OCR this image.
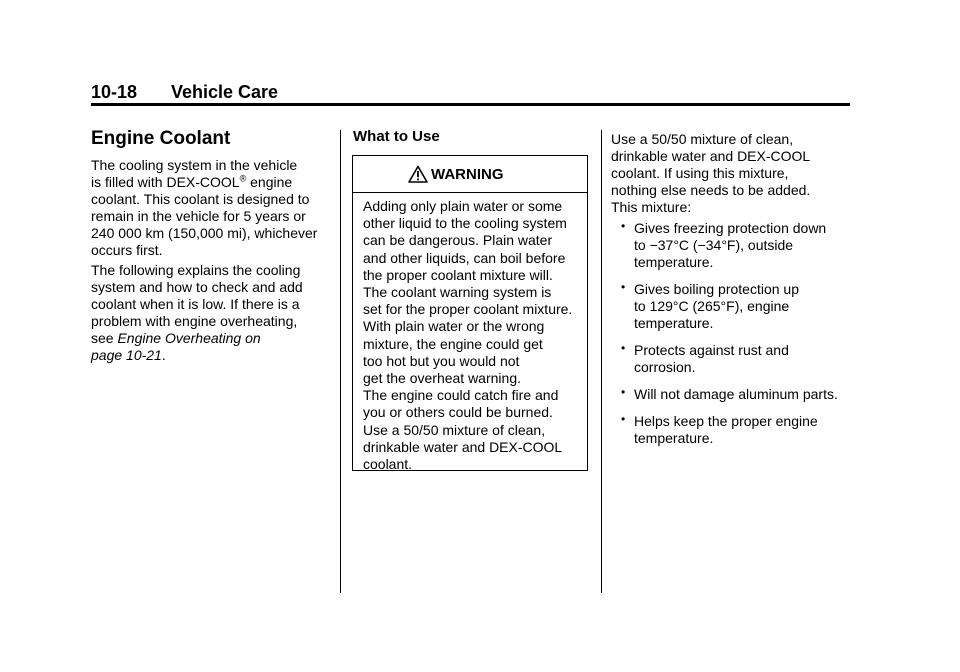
10-18 Vehicle Care
Engine Coolant

The cooling system in the vehicle
is filled with DEX-COOL® engine
coolant. This coolant is designed to
remain in the vehicle for 5 years or
240 000 km (150,000 mi), whichever
occurs first.

The following explains the cooling
system and how to check and add
coolant when it is low. If there is a
problem with engine overheating,
see Engine Overheating on
page 10-21.

What to Use
WARNING

Adding only plain water or some
other liquid to the cooling system
can be dangerous. Plain water
and other liquids, can boil before
the proper coolant mixture will.
The coolant warning system is
set for the proper coolant mixture.
With plain water or the wrong
mixture, the engine could get
too hot but you would not
get the overheat warning.
The engine could catch fire and
you or others could be burned.
Use a 50/50 mixture of clean,
drinkable water and DEX-COOL
coolant.

Use a 50/50 mixture of clean,
drinkable water and DEX-COOL
coolant. If using this mixture,
nothing else needs to be added.
This mixture:

• Gives freezing protection down
to −37°C (−34°F), outside
temperature.
• Gives boiling protection up
to 129°C (265°F), engine
temperature.
• Protects against rust and
corrosion.
• Will not damage aluminum parts.
• Helps keep the proper engine
temperature.
